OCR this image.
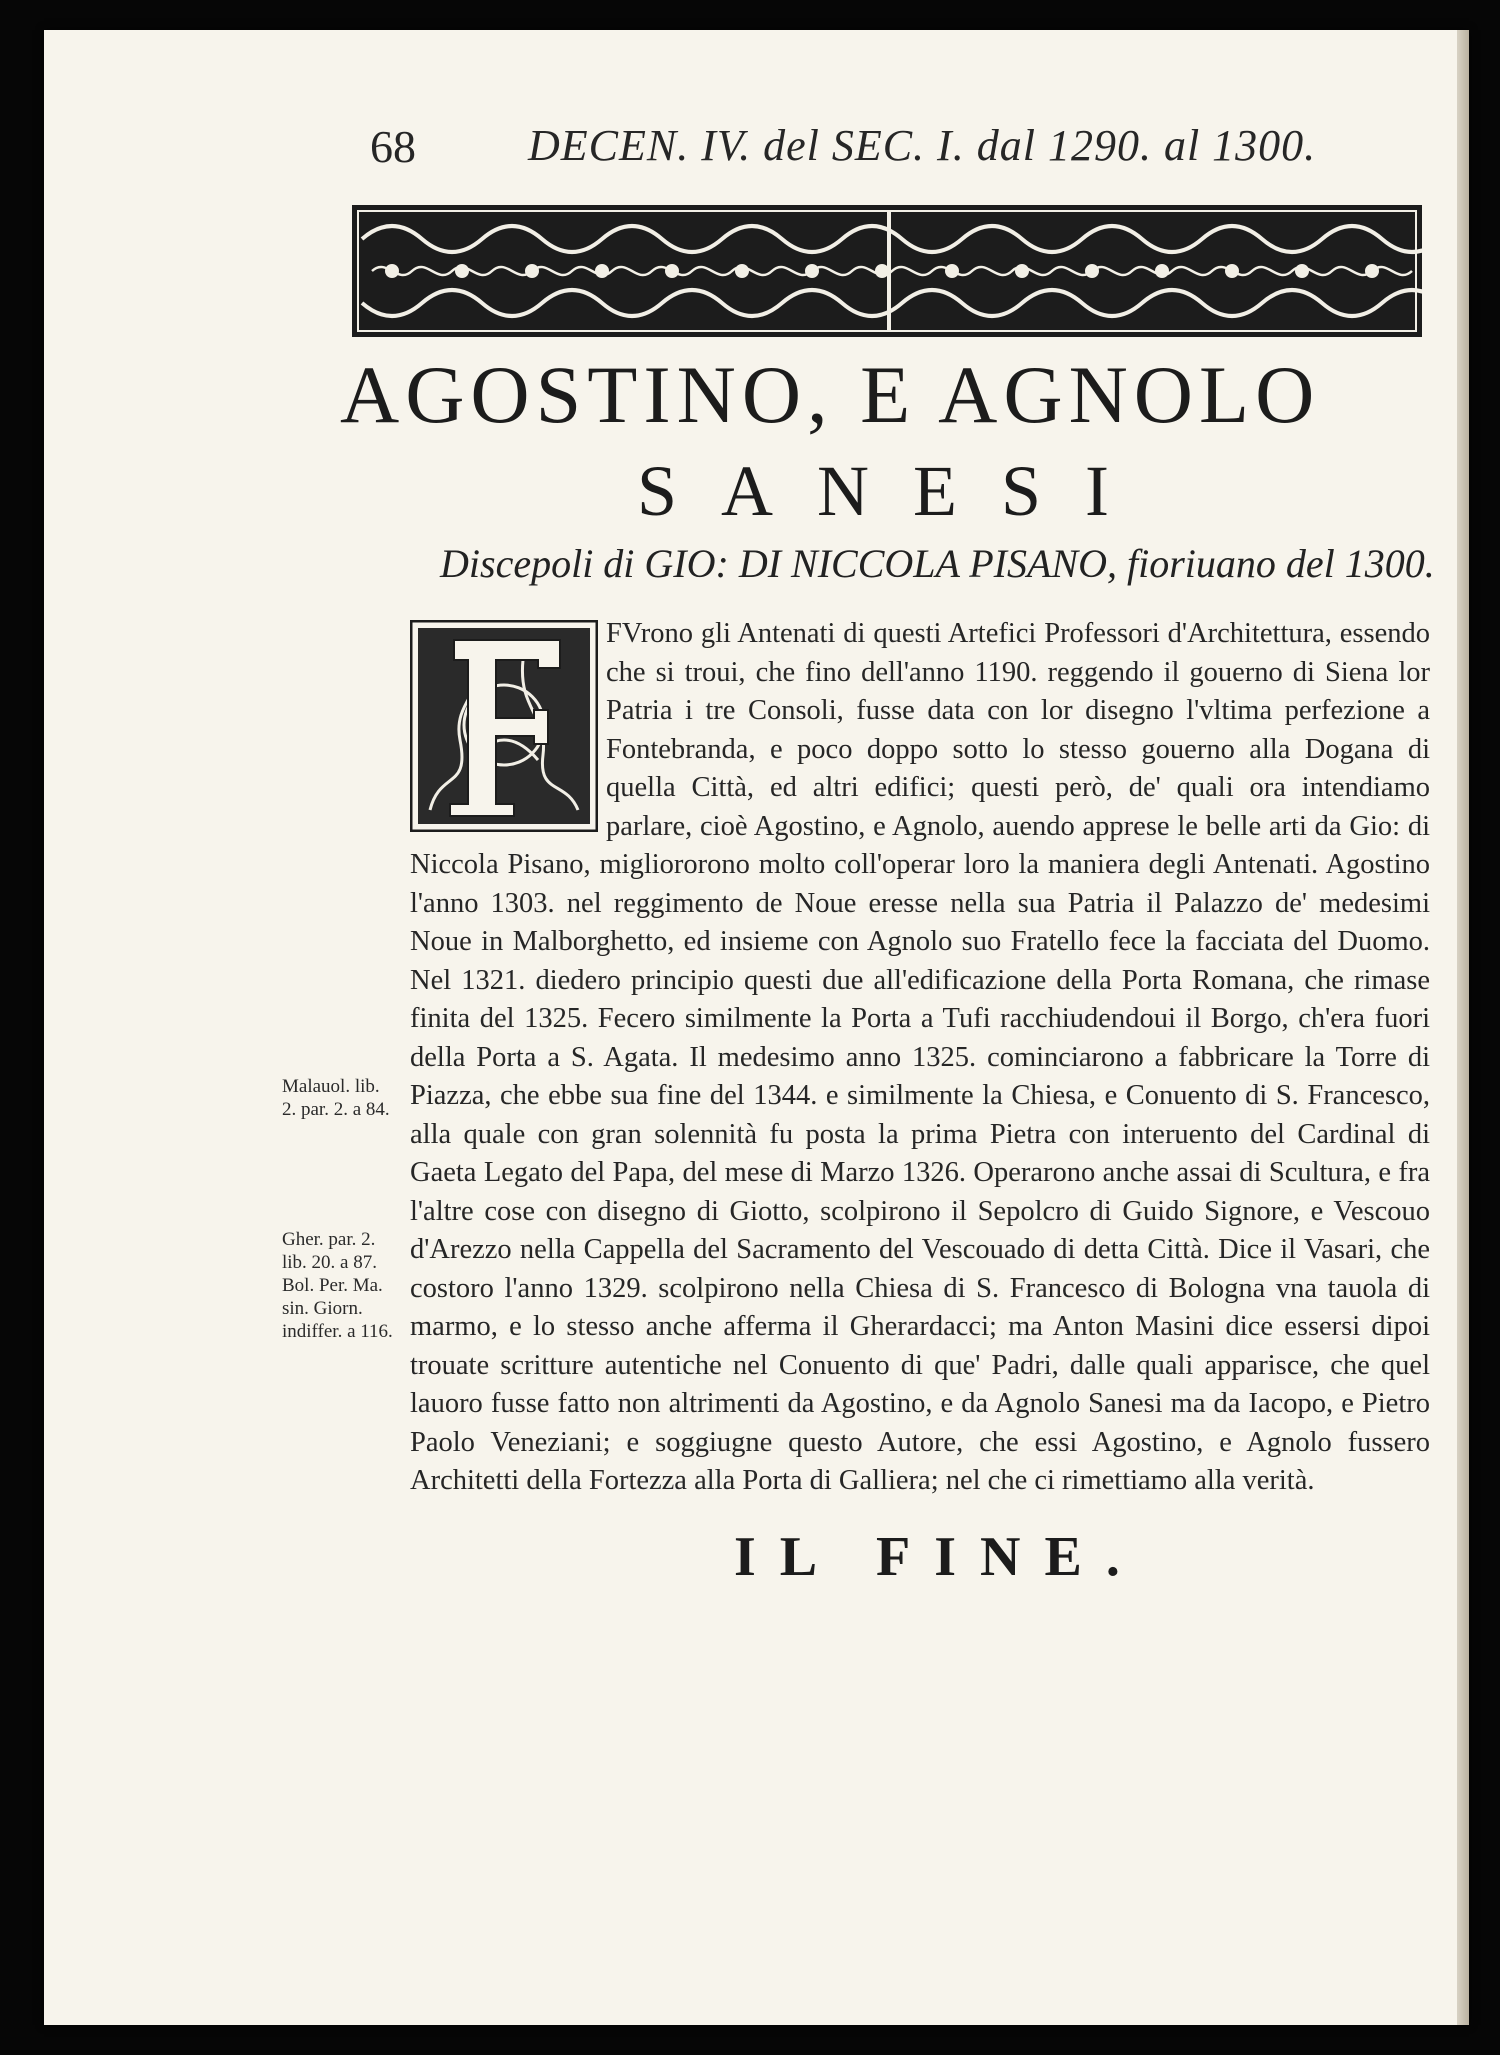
68	DECEN. IV. del SEC. I. dal 1290. al 1300.
AGOSTINO, E AGNOLO
SANESI
Discepoli di GIO: DI NICCOLA PISANO, fioriuano del 1300.
FVrono gli Antenati di questi Artefici Professori d'Architettura, essendo che si troui, che fino dell'anno 1190. reggendo il gouerno di Siena lor Patria i tre Consoli, fusse data con lor disegno l'vltima perfezione a Fontebranda, e poco doppo sotto lo stesso gouerno alla Dogana di quella Città, ed altri edifici; questi però, de' quali ora intendiamo parlare, cioè Agostino, e Agnolo, auendo apprese le belle arti da Gio: di Niccola Pisano, migliororono molto coll'operar loro la maniera degli Antenati. Agostino l'anno 1303. nel reggimento de Noue eresse nella sua Patria il Palazzo de' medesimi Noue in Malborghetto, ed insieme con Agnolo suo Fratello fece la facciata del Duomo. Nel 1321. diedero principio questi due all'edificazione della Porta Romana, che rimase finita del 1325. Fecero similmente la Porta a Tufi racchiudendoui il Borgo, ch'era fuori della Porta a S. Agata. Il medesimo anno 1325. cominciarono a fabbricare la Torre di Piazza, che ebbe sua fine del 1344. e similmente la Chiesa, e Conuento di S. Francesco, alla quale con gran solennità fu posta la prima Pietra con interuento del Cardinal di Gaeta Legato del Papa, del mese di Marzo 1326. Operarono anche assai di Scultura, e fra l'altre cose con disegno di Giotto, scolpirono il Sepolcro di Guido Signore, e Vescouo d'Arezzo nella Cappella del Sacramento del Vescouado di detta Città. Dice il Vasari, che costoro l'anno 1329. scolpirono nella Chiesa di S. Francesco di Bologna vna tauola di marmo, e lo stesso anche afferma il Gherardacci; ma Anton Masini dice essersi dipoi trouate scritture autentiche nel Conuento di que' Padri, dalle quali apparisce, che quel lauoro fusse fatto non altrimenti da Agostino, e da Agnolo Sanesi ma da Iacopo, e Pietro Paolo Veneziani; e soggiugne questo Autore, che essi Agostino, e Agnolo fussero Architetti della Fortezza alla Porta di Galliera; nel che ci rimettiamo alla verità.
Malauol. lib. 2. par. 2. a 84.
Gher. par. 2. lib. 20. a 87. Bol. Per. Ma. sin. Giorn. indiffer. a 116.
IL FINE.
